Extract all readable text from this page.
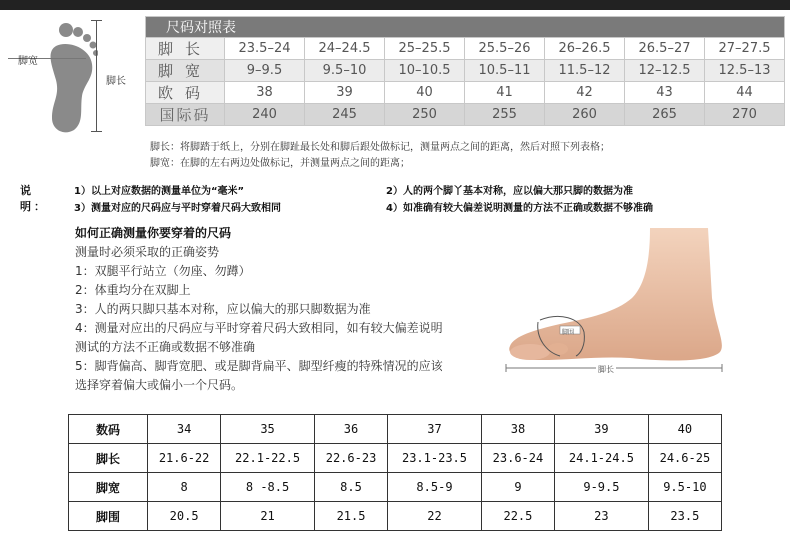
脚宽
脚长
尺码对照表							
脚长	23.5–24	24–24.5	25–25.5	25.5–26	26–26.5	26.5–27	27–27.5
脚宽	9–9.5	9.5–10	10–10.5	10.5–11	11.5–12	12–12.5	12.5–13
欧码	38	39	40	41	42	43	44
国际码	240	245	250	255	260	265	270
脚长：将脚踏于纸上，分别在脚趾最长处和脚后跟处做标记，测量两点之间的距离，然后对照下列表格；
脚宽：在脚的左右两边处做标记，并测量两点之间的距离；
说 明：
1）以上对应数据的测量单位为“毫米”	2）人的两个脚丫基本对称，应以偏大那只脚的数据为准
3）测量对应的尺码应与平时穿着尺码大致相同	4）如准确有较大偏差说明测量的方法不正确或数据不够准确
如何正确测量你要穿着的尺码
测量时必须采取的正确姿势
1：双腿平行站立（勿座、勿蹲）
2：体重均分在双脚上
3：人的两只脚只基本对称，应以偏大的那只脚数据为准
4：测量对应出的尺码应与平时穿着尺码大致相同，如有较大偏差说明
测试的方法不正确或数据不够准确
5：脚背偏高、脚背宽肥、或是脚背扁平、脚型纤瘦的特殊情况的应该
选择穿着偏大或偏小一个尺码。
脚围
脚长
数码	34	35	36	37	38	39	40
脚长	21.6-22	22.1-22.5	22.6-23	23.1-23.5	23.6-24	24.1-24.5	24.6-25
脚宽	8	8 -8.5	8.5	8.5-9	9	9-9.5	9.5-10
脚围	20.5	21	21.5	22	22.5	23	23.5
